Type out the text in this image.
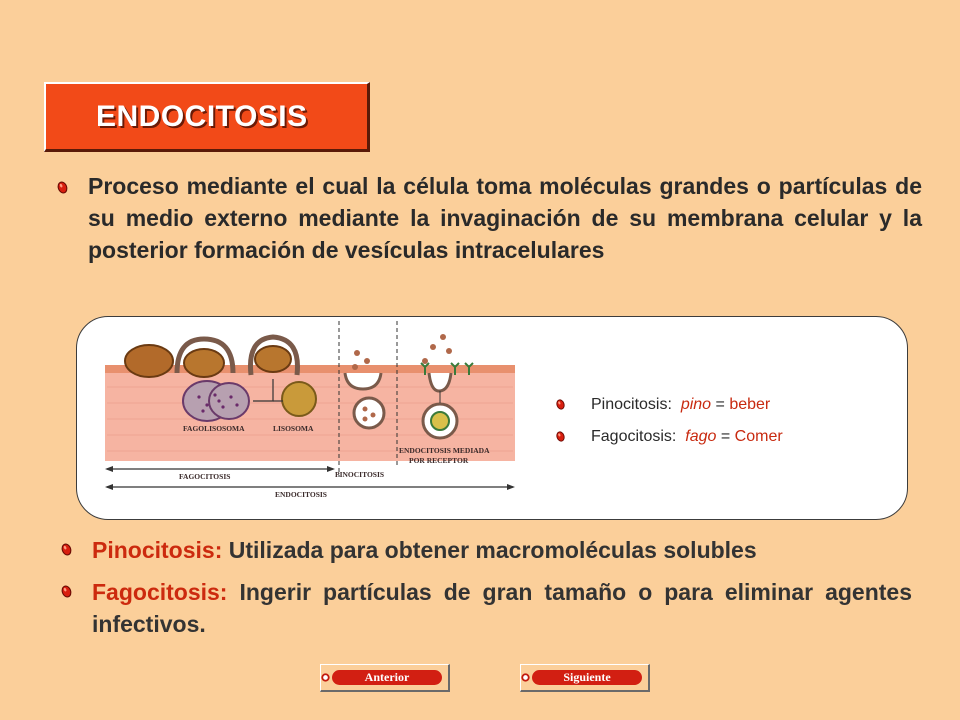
ENDOCITOSIS
Proceso mediante el cual la célula toma moléculas grandes o partículas de su medio externo mediante la invaginación de su membrana celular y la posterior formación de vesículas intracelulares
FAGOLISOSOMA	LISOSOMA
ENDOCITOSIS MEDIADA
POR RECEPTOR
FAGOCITOSIS	PINOCITOSIS
ENDOCITOSIS
Pinocitosis: pino = beber
Fagocitosis: fago = Comer
Pinocitosis: Utilizada para obtener macromoléculas solubles
Fagocitosis: Ingerir partículas de gran tamaño o para eliminar agentes infectivos.
Anterior	Siguiente
